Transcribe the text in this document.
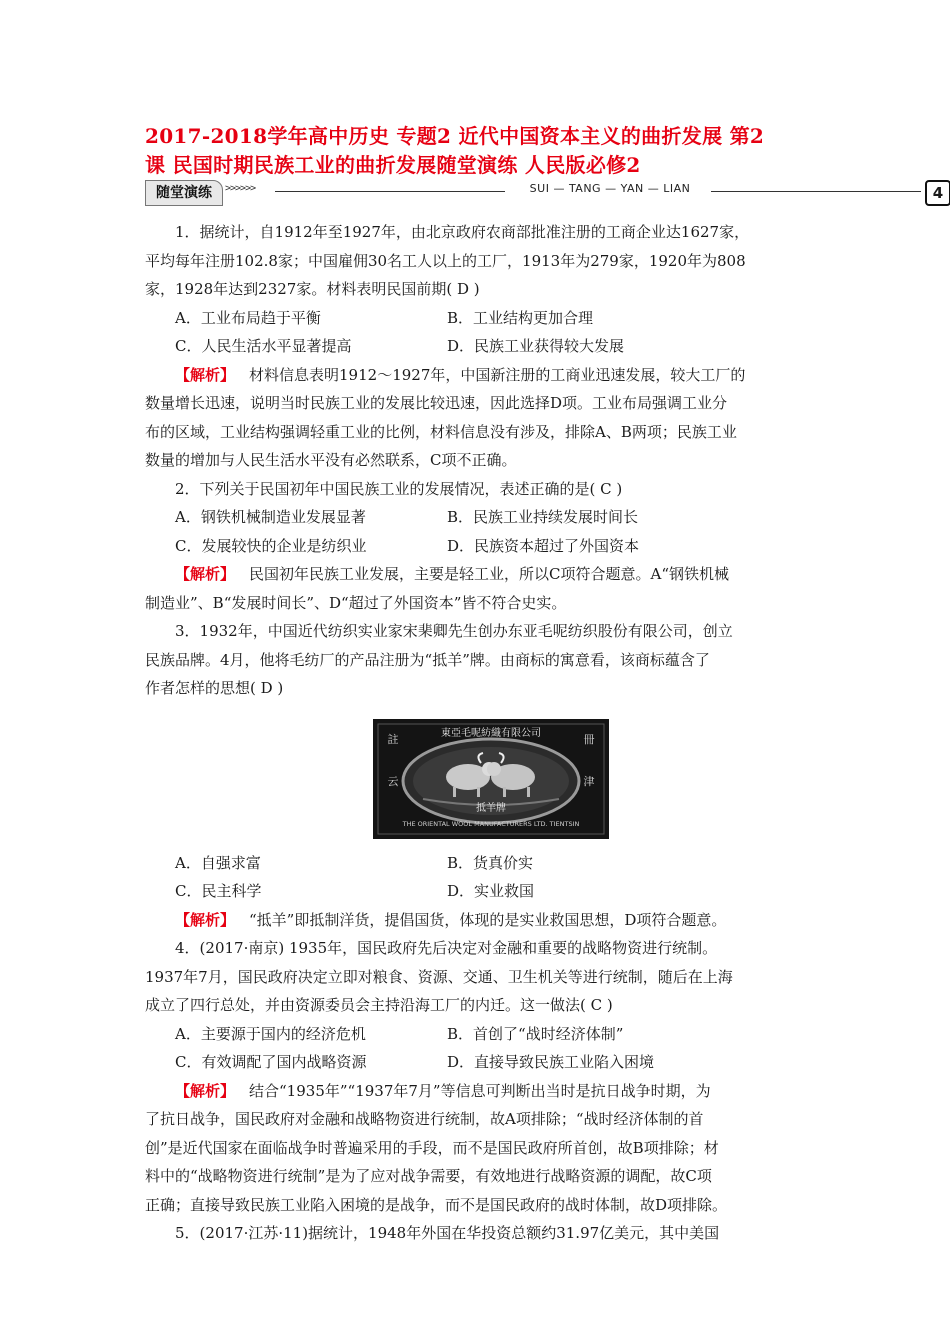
2017-2018学年高中历史 专题2 近代中国资本主义的曲折发展 第2
课 民国时期民族工业的曲折发展随堂演练 人民版必修2
随堂演练	>>>>>>	SUI — TANG — YAN — LIAN	4

1．据统计，自1912年至1927年，由北京政府农商部批准注册的工商企业达1627家，

平均每年注册102.8家；中国雇佣30名工人以上的工厂，1913年为279家，1920年为808

家，1928年达到2327家。材料表明民国前期( D )

A．工业布局趋于平衡	B．工业结构更加合理
C．人民生活水平显著提高	D．民族工业获得较大发展

【解析】 材料信息表明1912～1927年，中国新注册的工商业迅速发展，较大工厂的

数量增长迅速，说明当时民族工业的发展比较迅速，因此选择D项。工业布局强调工业分

布的区域，工业结构强调轻重工业的比例，材料信息没有涉及，排除A、B两项；民族工业

数量的增加与人民生活水平没有必然联系，C项不正确。

2．下列关于民国初年中国民族工业的发展情况，表述正确的是( C )

A．钢铁机械制造业发展显著	B．民族工业持续发展时间长
C．发展较快的企业是纺织业	D．民族资本超过了外国资本

【解析】 民国初年民族工业发展，主要是轻工业，所以C项符合题意。A“钢铁机械

制造业”、B“发展时间长”、D“超过了外国资本”皆不符合史实。

3．1932年，中国近代纺织实业家宋棐卿先生创办东亚毛呢纺织股份有限公司，创立

民族品牌。4月，他将毛纺厂的产品注册为“抵羊”牌。由商标的寓意看，该商标蕴含了

作者怎样的思想( D )

東亞毛呢紡織有限公司
註
云
冊
津
抵羊牌
THE ORIENTAL WOOL MANUFACTURERS LTD. TIENTSIN
A．自强求富	B．货真价实
C．民主科学	D．实业救国

【解析】 “抵羊”即抵制洋货，提倡国货，体现的是实业救国思想，D项符合题意。

4．(2017·南京) 1935年，国民政府先后决定对金融和重要的战略物资进行统制。

1937年7月，国民政府决定立即对粮食、资源、交通、卫生机关等进行统制，随后在上海

成立了四行总处，并由资源委员会主持沿海工厂的内迁。这一做法( C )

A．主要源于国内的经济危机	B．首创了“战时经济体制”
C．有效调配了国内战略资源	D．直接导致民族工业陷入困境

【解析】 结合“1935年”“1937年7月”等信息可判断出当时是抗日战争时期，为

了抗日战争，国民政府对金融和战略物资进行统制，故A项排除；“战时经济体制的首

创”是近代国家在面临战争时普遍采用的手段，而不是国民政府所首创，故B项排除；材

料中的“战略物资进行统制”是为了应对战争需要，有效地进行战略资源的调配，故C项

正确；直接导致民族工业陷入困境的是战争，而不是国民政府的战时体制，故D项排除。

5．(2017·江苏·11)据统计，1948年外国在华投资总额约31.97亿美元，其中美国
